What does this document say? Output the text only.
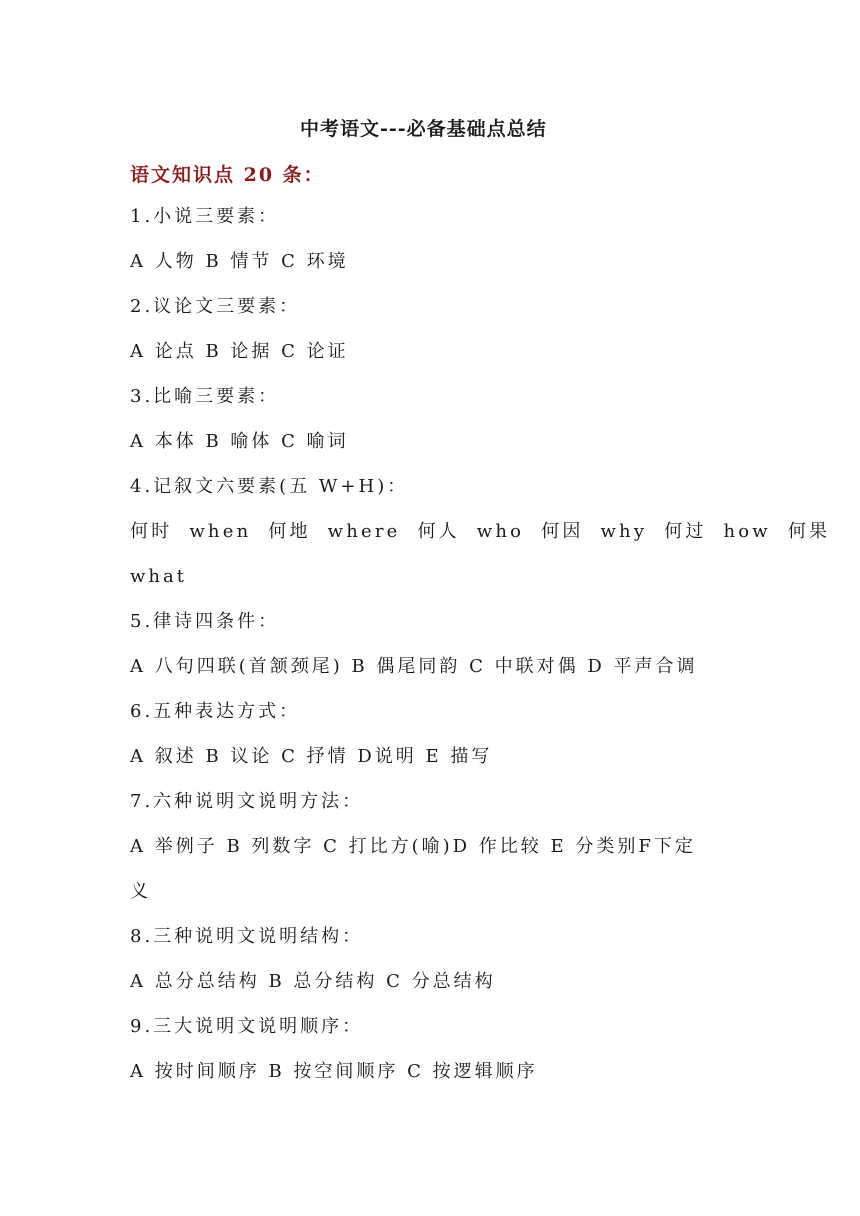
中考语文---必备基础点总结
语文知识点 20 条：
1.小说三要素：
A 人物 B 情节 C 环境
2.议论文三要素：
A 论点 B 论据 C 论证
3.比喻三要素：
A 本体 B 喻体 C 喻词
4.记叙文六要素(五 W+H)：
何时 when 何地 where 何人 who 何因 why 何过 how 何果
what
5.律诗四条件：
A 八句四联(首颔颈尾) B 偶尾同韵 C 中联对偶 D 平声合调
6.五种表达方式：
A 叙述 B 议论 C 抒情 D说明 E 描写
7.六种说明文说明方法：
A 举例子 B 列数字 C 打比方(喻)D 作比较 E 分类别F下定
义
8.三种说明文说明结构：
A 总分总结构 B 总分结构 C 分总结构
9.三大说明文说明顺序：
A 按时间顺序 B 按空间顺序 C 按逻辑顺序
